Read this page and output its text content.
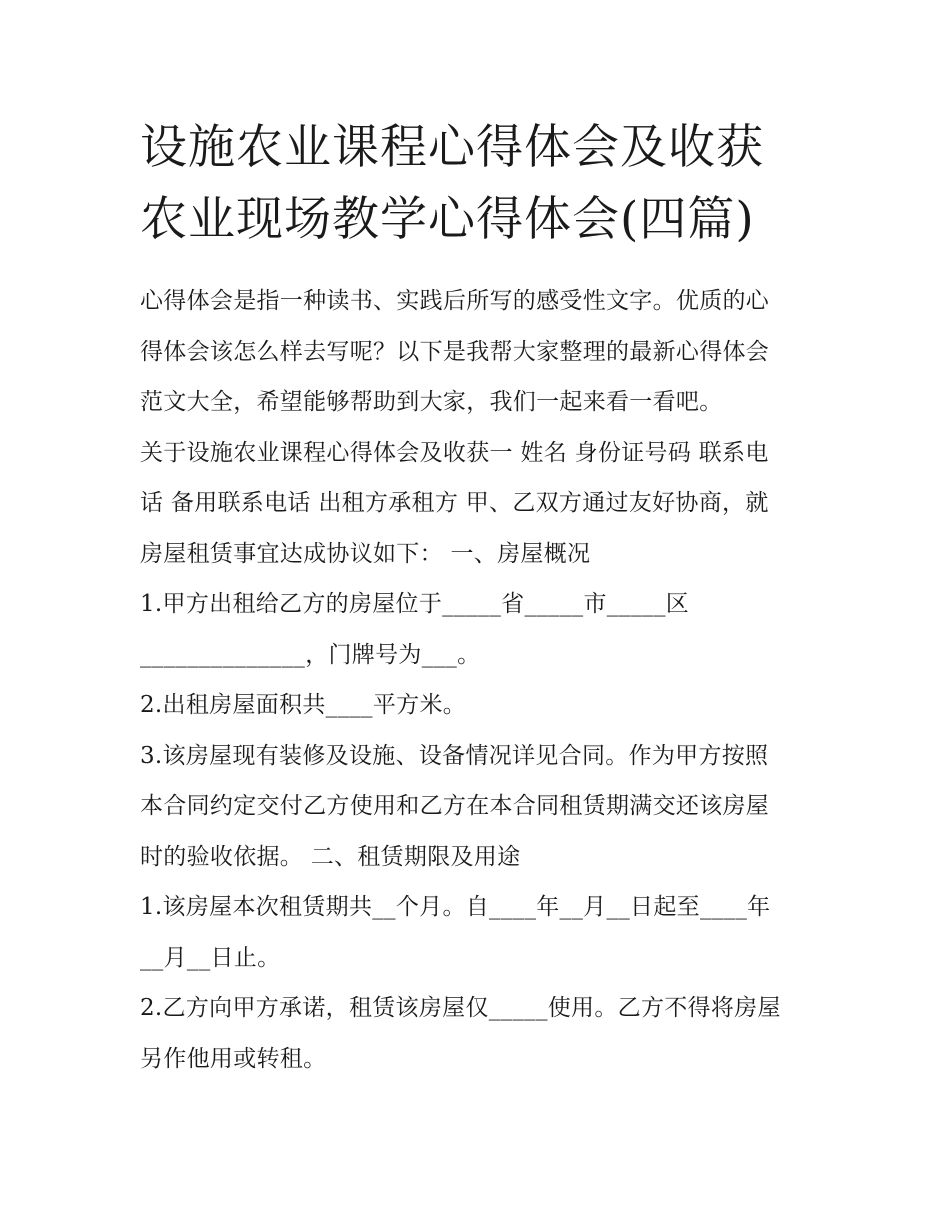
设施农业课程心得体会及收获
农业现场教学心得体会(四篇)
心得体会是指一种读书、实践后所写的感受性文字。优质的心
得体会该怎么样去写呢？以下是我帮大家整理的最新心得体会
范文大全，希望能够帮助到大家，我们一起来看一看吧。
关于设施农业课程心得体会及收获一 姓名 身份证号码 联系电
话 备用联系电话 出租方承租方 甲、乙双方通过友好协商，就
房屋租赁事宜达成协议如下： 一、房屋概况
1.甲方出租给乙方的房屋位于_____省_____市_____区
______________，门牌号为___。
2.出租房屋面积共____平方米。
3.该房屋现有装修及设施、设备情况详见合同。作为甲方按照
本合同约定交付乙方使用和乙方在本合同租赁期满交还该房屋
时的验收依据。 二、租赁期限及用途
1.该房屋本次租赁期共__个月。自____年__月__日起至____年
__月__日止。
2.乙方向甲方承诺，租赁该房屋仅_____使用。乙方不得将房屋
另作他用或转租。
